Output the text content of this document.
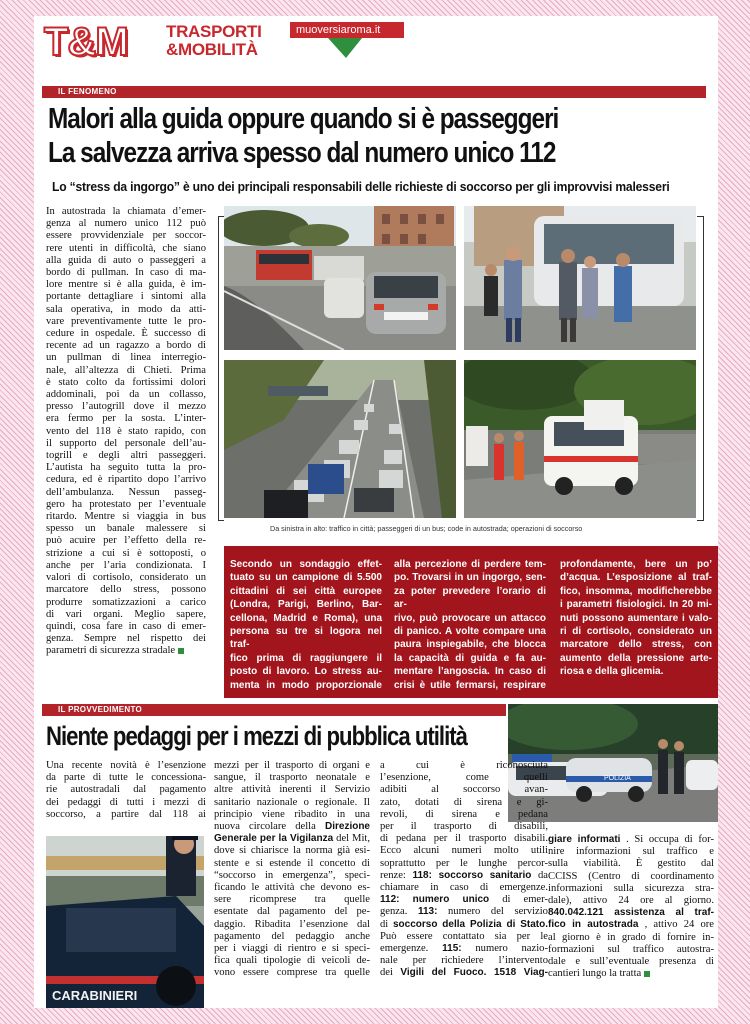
T&M TRASPORTI
&MOBILITÀ
muoversiaroma.it
IL FENOMENO
Malori alla guida oppure quando si è passeggeri
La salvezza arriva spesso dal numero unico 112
Lo “stress da ingorgo” è uno dei principali responsabili delle richieste di soccorso per gli improvvisi malesseri
In autostrada la chiamata d’emer-
genza al numero unico 112 può
essere provvidenziale per soccor-
rere utenti in difficoltà, che siano
alla guida di auto o passeggeri a
bordo di pullman. In caso di ma-
lore mentre si è alla guida, è im-
portante dettagliare i sintomi alla
sala operativa, in modo da atti-
vare preventivamente tutte le pro-
cedure in ospedale. È successo di
recente ad un ragazzo a bordo di
un pullman di linea interregio-
nale, all’altezza di Chieti. Prima
è stato colto da fortissimi dolori
addominali, poi da un collasso,
presso l’autogrill dove il mezzo
era fermo per la sosta. L’inter-
vento del 118 è stato rapido, con
il supporto del personale dell’au-
togrill e degli altri passeggeri.
L’autista ha seguito tutta la pro-
cedura, ed è ripartito dopo l’arrivo
dell’ambulanza. Nessun passeg-
gero ha protestato per l’eventuale
ritardo. Mentre si viaggia in bus
spesso un banale malessere si
può acuire per l’effetto della re-
strizione a cui si è sottoposti, o
anche per l’aria condizionata. I
valori di cortisolo, considerato un
marcatore dello stress, possono
produrre somatizzazioni a carico
di vari organi. Meglio sapere,
quindi, cosa fare in caso di emer-
genza. Sempre nel rispetto dei
parametri di sicurezza stradale
Da sinistra in alto: traffico in città; passeggeri di un bus; code in autostrada; operazioni di soccorso
Secondo un sondaggio effet-
tuato su un campione di 5.500
cittadini di sei città europee
(Londra, Parigi, Berlino, Bar-
cellona, Madrid e Roma), una
persona su tre si logora nel traf-
fico prima di raggiungere il
posto di lavoro. Lo stress au-
menta in modo proporzionale
alla percezione di perdere tem-
po. Trovarsi in un ingorgo, sen-
za poter prevedere l’orario di ar-
rivo, può provocare un attacco
di panico. A volte compare una
paura inspiegabile, che blocca
la capacità di guida e fa au-
mentare l’angoscia. In caso di
crisi è utile fermarsi, respirare
profondamente, bere un po’
d’acqua. L’esposizione al traf-
fico, insomma, modificherebbe
i parametri fisiologici. In 20 mi-
nuti possono aumentare i valo-
ri di cortisolo, considerato un
marcatore dello stress, con
aumento della pressione arte-
riosa e della glicemia.
IL PROVVEDIMENTO
Niente pedaggi per i mezzi di pubblica utilità
POLIZIA
Una recente novità è l’esenzione
da parte di tutte le concessiona-
rie autostradali dal pagamento
dei pedaggi di tutti i mezzi di
soccorso, a partire dal 118 ai
CARABINIERI
mezzi per il trasporto di organi e
sangue, il trasporto neonatale e
altre attività inerenti il Servizio
sanitario nazionale o regionale. Il
principio viene ribadito in una
nuova circolare della Direzione
Generale per la Vigilanza del Mit,
dove si chiarisce la norma già esi-
stente e si estende il concetto di
“soccorso in emergenza”, speci-
ficando le attività che devono es-
sere ricomprese tra quelle
esentate dal pagamento del pe-
daggio. Ribadita l’esenzione dal
pagamento del pedaggio anche
per i viaggi di rientro e si speci-
fica quali tipologie di veicoli de-
vono essere comprese tra quelle
a cui è riconosciuta
l’esenzione, come quelli
adibiti al soccorso avan-
zato, dotati di sirena e gi-
revoli, di sirena e pedana
per il trasporto di disabili,
di pedana per il trasporto disabili.
Ecco alcuni numeri molto utili
soprattutto per le lunghe percor-
renze: 118: soccorso sanitario da
chiamare in caso di emergenze.
112: numero unico di emer-
genza. 113: numero del servizio
di soccorso della Polizia di Stato.
Può essere contattato sia per le
emergenze. 115: numero nazio-
nale per richiedere l’intervento
dei Vigili del Fuoco. 1518 Viag-
giare informati . Si occupa di for-
nire informazioni sul traffico e
sulla viabilità. È gestito dal
CCISS (Centro di coordinamento
informazioni sulla sicurezza stra-
dale), attivo 24 ore al giorno.
840.042.121 assistenza al traf-
fico in autostrada , attivo 24 ore
al giorno è in grado di fornire in-
formazioni sul traffico autostra-
dale e sull’eventuale presenza di
cantieri lungo la tratta
